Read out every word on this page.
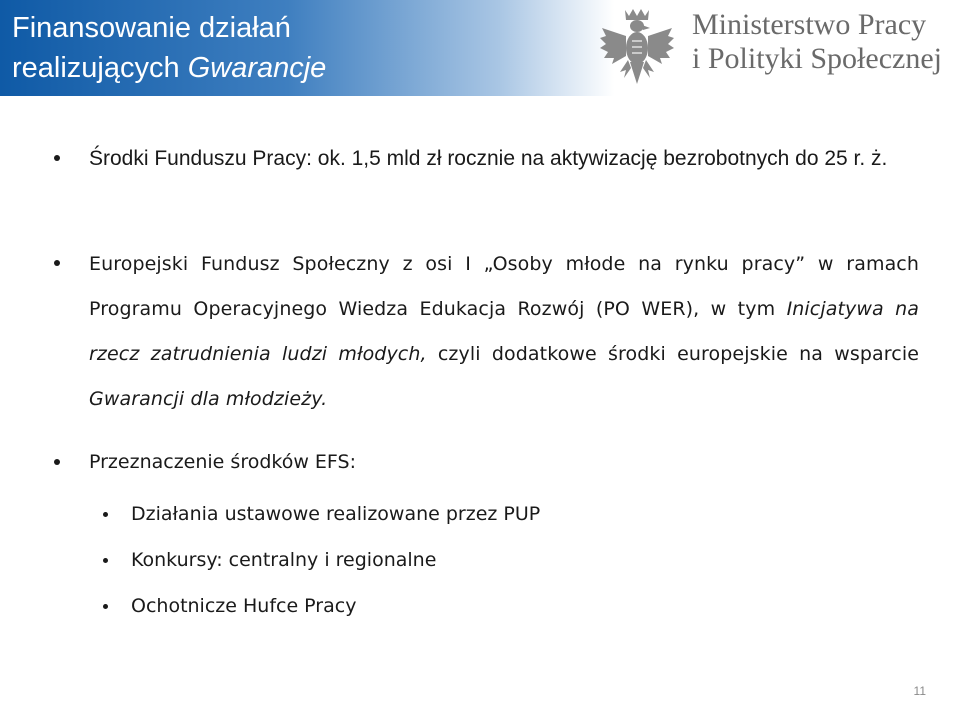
Finansowanie działań
realizujących Gwarancje
Ministerstwo Pracy
i Polityki Społecznej
Środki Funduszu Pracy: ok. 1,5 mld zł rocznie na aktywizację bezrobotnych do 25 r. ż.
Europejski Fundusz Społeczny z osi I „Osoby młode na rynku pracy” w ramach Programu Operacyjnego Wiedza Edukacja Rozwój (PO WER), w tym Inicjatywa na rzecz zatrudnienia ludzi młodych, czyli dodatkowe środki europejskie na wsparcie Gwarancji dla młodzieży.
Przeznaczenie środków EFS:
Działania ustawowe realizowane przez PUP
Konkursy: centralny i regionalne
Ochotnicze Hufce Pracy
11
